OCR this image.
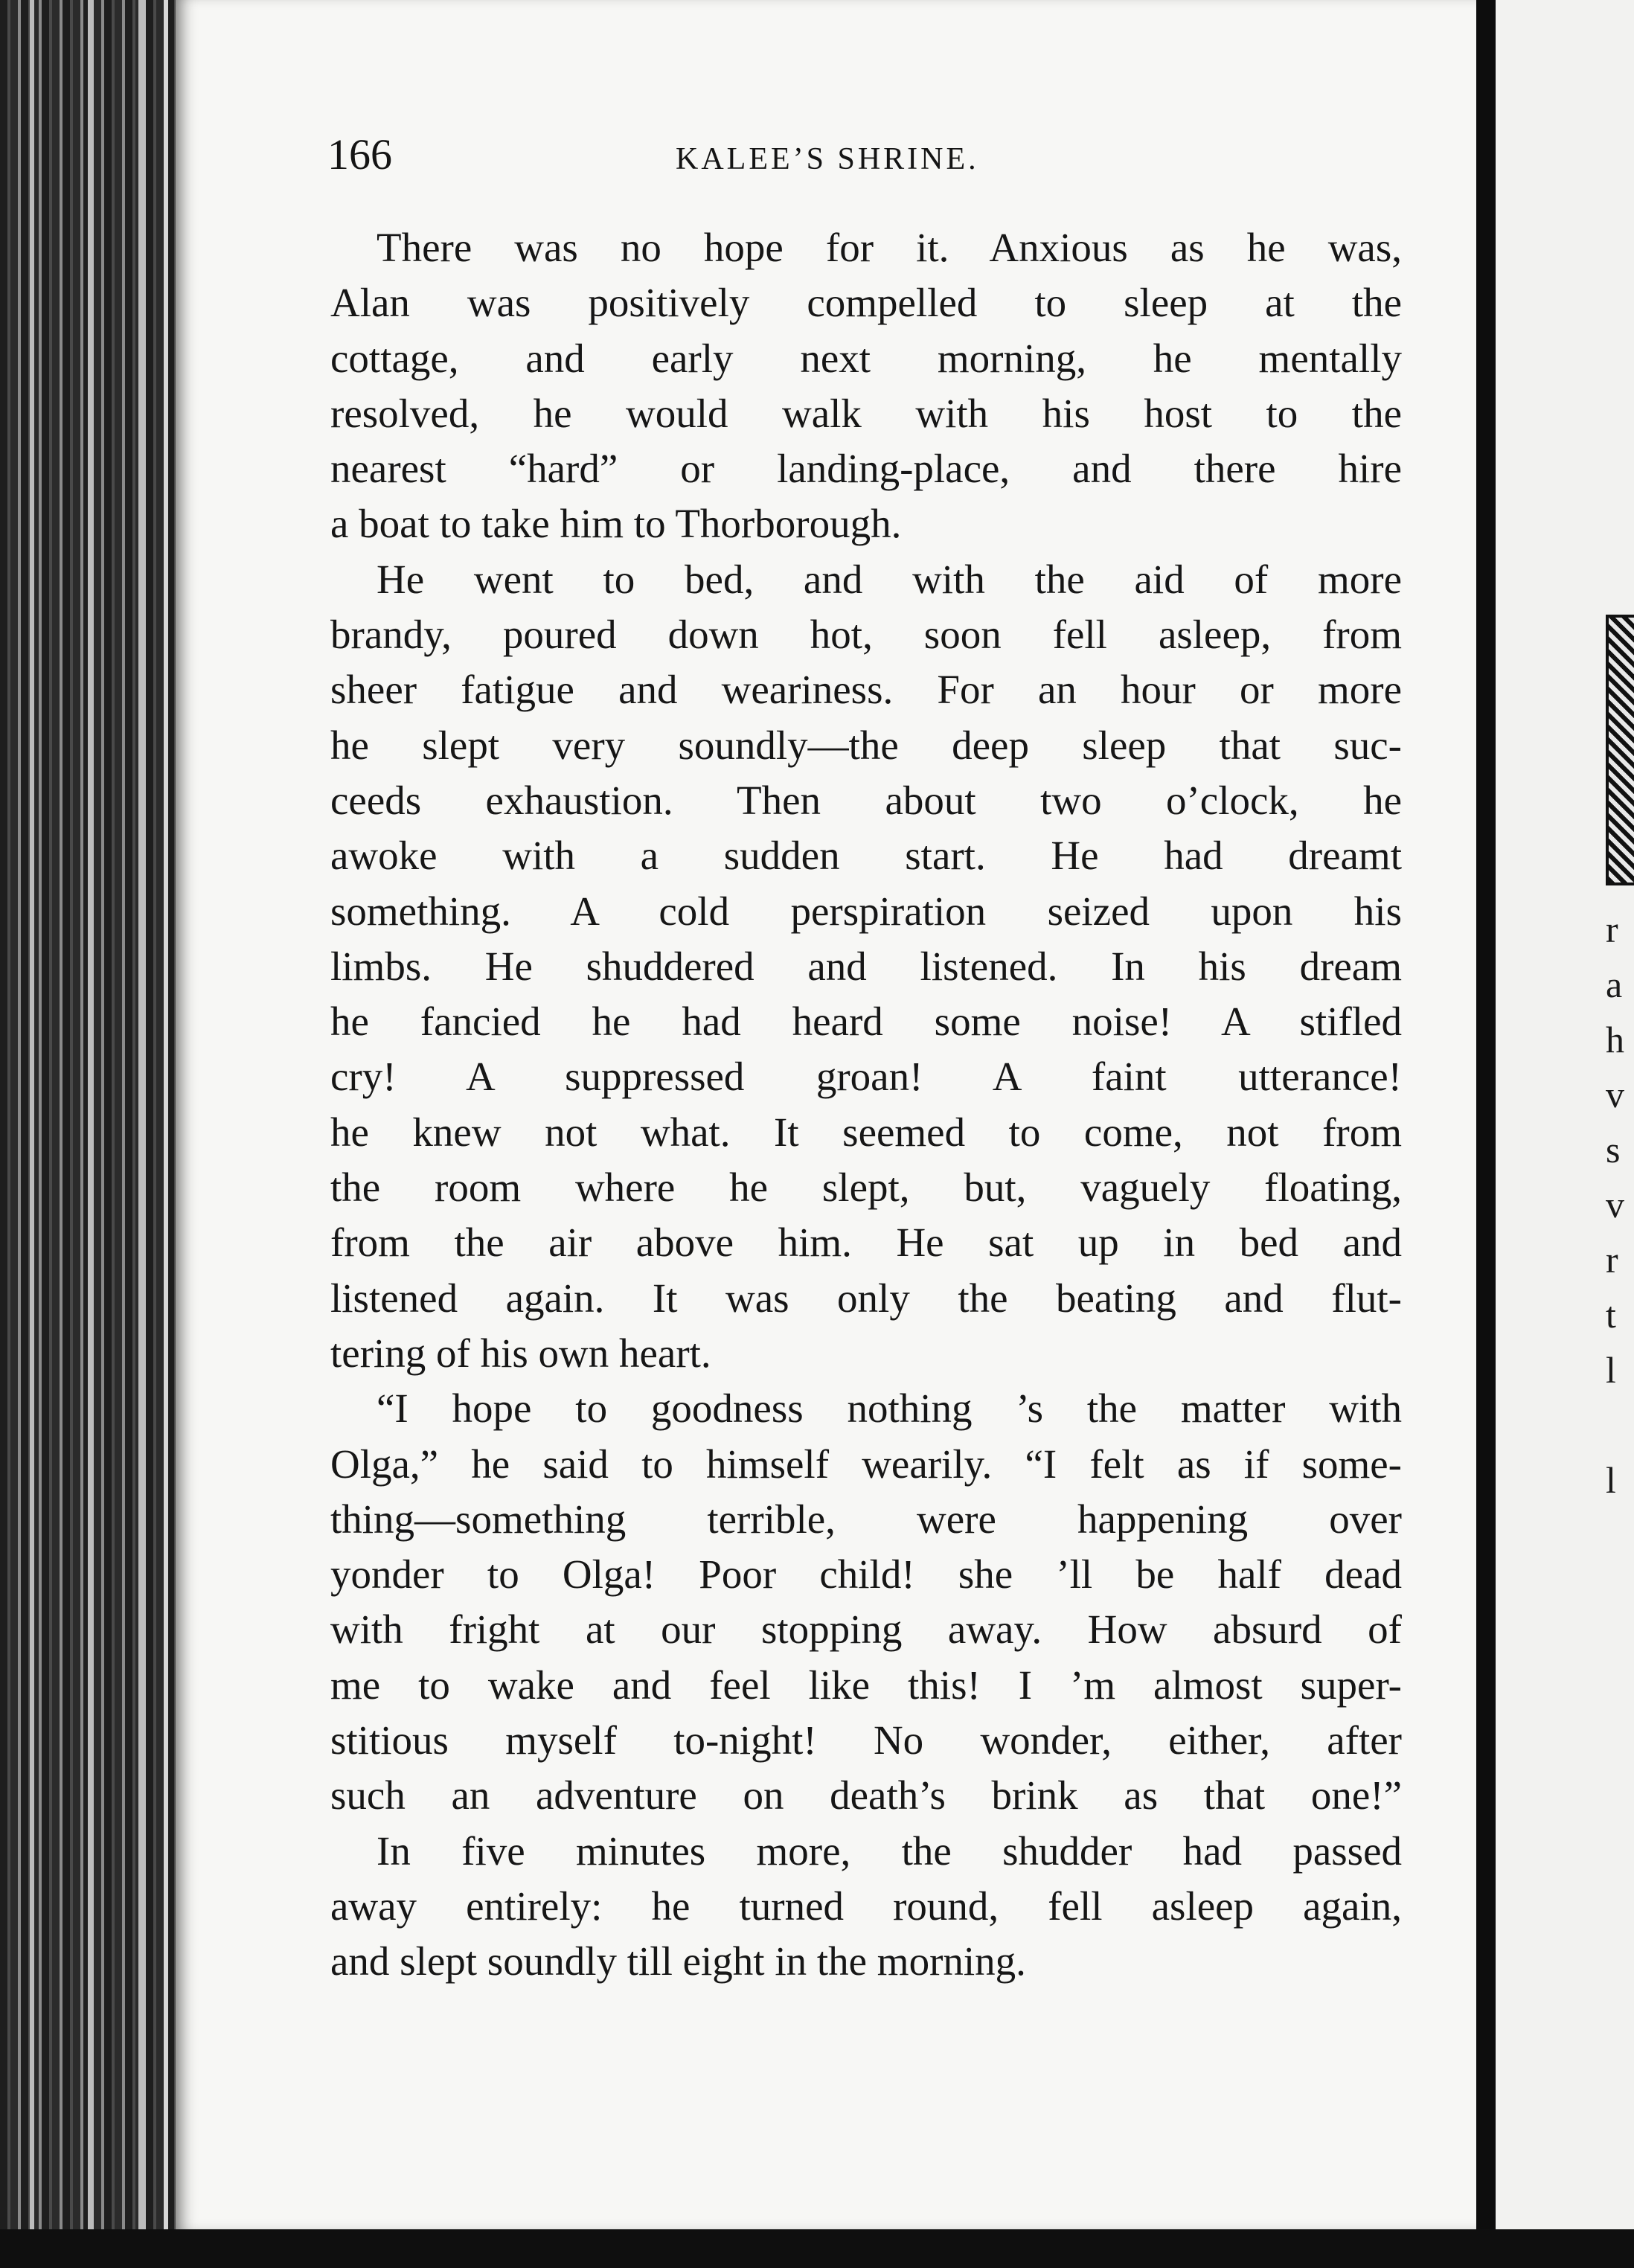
r
a
h
v
s
v
r
t
l
l
166	KALEE’S SHRINE.
There was no hope for it. Anxious as he was,
Alan was positively compelled to sleep at the
cottage, and early next morning, he mentally
resolved, he would walk with his host to the
nearest “hard” or landing-place, and there hire
a boat to take him to Thorborough.
He went to bed, and with the aid of more
brandy, poured down hot, soon fell asleep, from
sheer fatigue and weariness. For an hour or more
he slept very soundly—the deep sleep that suc-
ceeds exhaustion. Then about two o’clock, he
awoke with a sudden start. He had dreamt
something. A cold perspiration seized upon his
limbs. He shuddered and listened. In his dream
he fancied he had heard some noise! A stifled
cry! A suppressed groan! A faint utterance!
he knew not what. It seemed to come, not from
the room where he slept, but, vaguely floating,
from the air above him. He sat up in bed and
listened again. It was only the beating and flut-
tering of his own heart.
“I hope to goodness nothing ’s the matter with
Olga,” he said to himself wearily. “I felt as if some-
thing—something terrible, were happening over
yonder to Olga! Poor child! she ’ll be half dead
with fright at our stopping away. How absurd of
me to wake and feel like this! I ’m almost super-
stitious myself to-night! No wonder, either, after
such an adventure on death’s brink as that one!”
In five minutes more, the shudder had passed
away entirely: he turned round, fell asleep again,
and slept soundly till eight in the morning.
